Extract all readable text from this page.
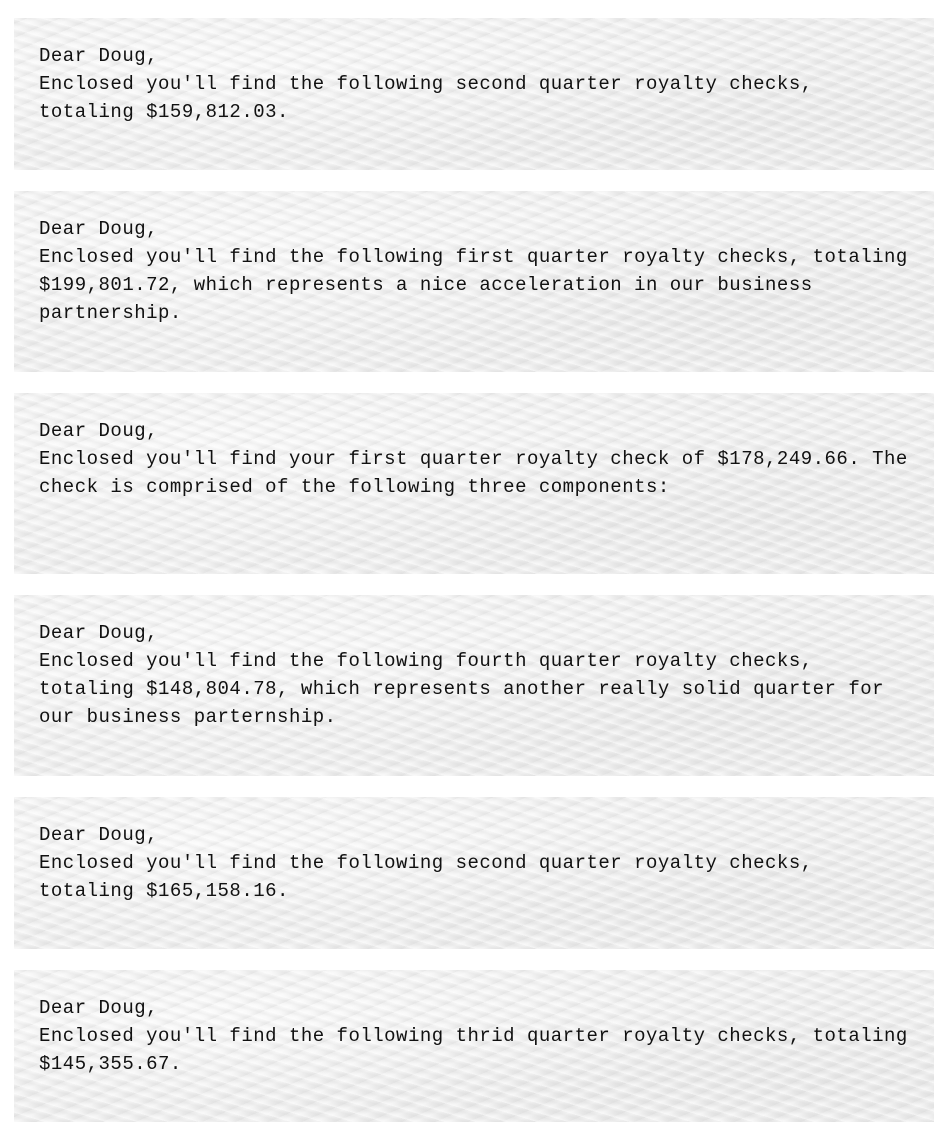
Dear Doug,
Enclosed you'll find the following second quarter royalty checks, totaling $159,812.03.
Dear Doug,
Enclosed you'll find the following first quarter royalty checks, totaling $199,801.72, which represents a nice acceleration in our business partnership.
Dear Doug,
Enclosed you'll find your first quarter royalty check of $178,249.66. The check is comprised of the following three components:
Dear Doug,
Enclosed you'll find the following fourth quarter royalty checks, totaling $148,804.78, which represents another really solid quarter for our business parternship.
Dear Doug,
Enclosed you'll find the following second quarter royalty checks, totaling $165,158.16.
Dear Doug,
Enclosed you'll find the following thrid quarter royalty checks, totaling $145,355.67.
